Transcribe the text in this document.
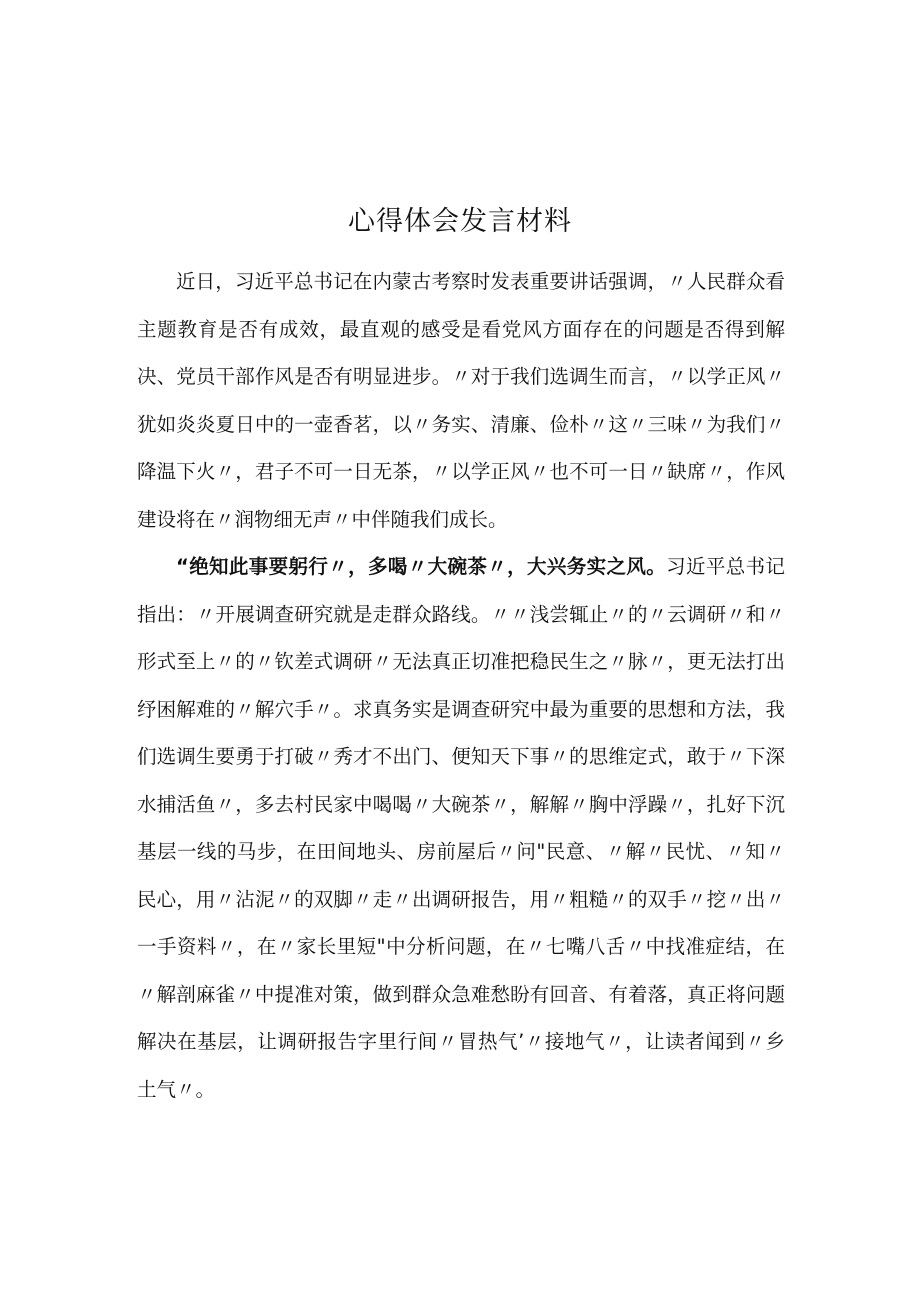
心得体会发言材料

近日，习近平总书记在内蒙古考察时发表重要讲话强调，〃人民群众看主题教育是否有成效，最直观的感受是看党风方面存在的问题是否得到解决、党员干部作风是否有明显进步。〃对于我们选调生而言，〃以学正风〃犹如炎炎夏日中的一壶香茗，以〃务实、清廉、俭朴〃这〃三味〃为我们〃降温下火〃，君子不可一日无茶，〃以学正风〃也不可一日〃缺席〃，作风建设将在〃润物细无声〃中伴随我们成长。

“绝知此事要躬行〃，多喝〃大碗茶〃，大兴务实之风。习近平总书记指出：〃开展调查研究就是走群众路线。〃〃浅尝辄止〃的〃云调研〃和〃形式至上〃的〃钦差式调研〃无法真正切准把稳民生之〃脉〃，更无法打出纾困解难的〃解穴手〃。求真务实是调查研究中最为重要的思想和方法，我们选调生要勇于打破〃秀才不出门、便知天下事〃的思维定式，敢于〃下深水捕活鱼〃，多去村民家中喝喝〃大碗茶〃，解解〃胸中浮躁〃，扎好下沉基层一线的马步，在田间地头、房前屋后〃问"民意、〃解〃民忧、〃知〃民心，用〃沾泥〃的双脚〃走〃出调研报告，用〃粗糙〃的双手〃挖〃出〃一手资料〃，在〃家长里短"中分析问题，在〃七嘴八舌〃中找准症结，在〃解剖麻雀〃中提准对策，做到群众急难愁盼有回音、有着落，真正将问题解决在基层，让调研报告字里行间〃冒热气’〃接地气〃，让读者闻到〃乡土气〃。
